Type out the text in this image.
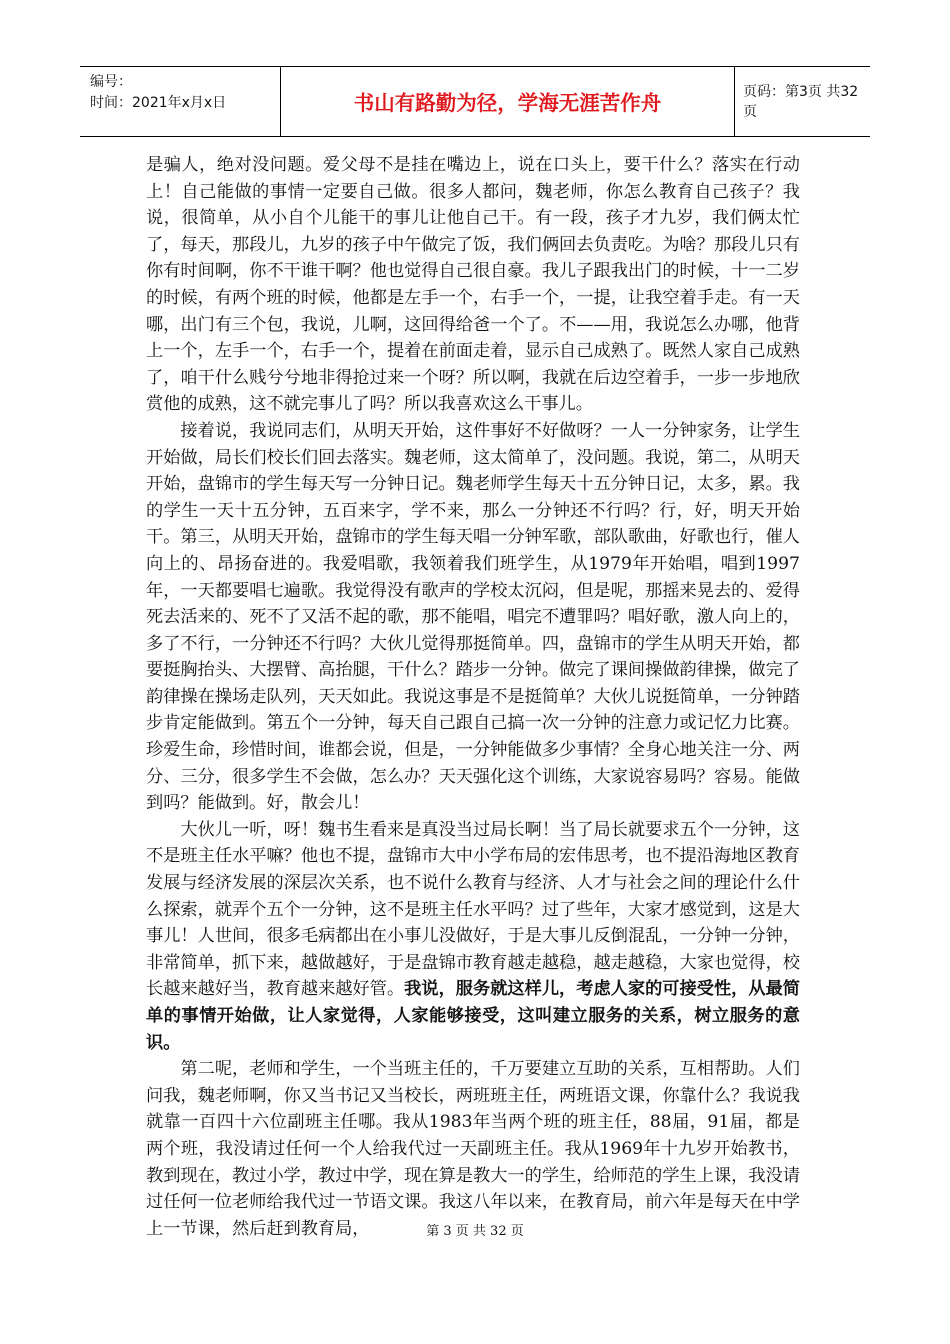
编号：
时间：2021年x月x日	书山有路勤为径，学海无涯苦作舟	页码：第3页 共32页

是骗人，绝对没问题。爱父母不是挂在嘴边上，说在口头上，要干什么？落实在行动上！自己能做的事情一定要自己做。很多人都问，魏老师，你怎么教育自己孩子？我说，很简单，从小自个儿能干的事儿让他自己干。有一段，孩子才九岁，我们俩太忙了，每天，那段儿，九岁的孩子中午做完了饭，我们俩回去负责吃。为啥？那段儿只有你有时间啊，你不干谁干啊？他也觉得自己很自豪。我儿子跟我出门的时候，十一二岁的时候，有两个班的时候，他都是左手一个，右手一个，一提，让我空着手走。有一天哪，出门有三个包，我说，儿啊，这回得给爸一个了。不——用，我说怎么办哪，他背上一个，左手一个，右手一个，提着在前面走着，显示自己成熟了。既然人家自己成熟了，咱干什么贱兮兮地非得抢过来一个呀？所以啊，我就在后边空着手，一步一步地欣赏他的成熟，这不就完事儿了吗？所以我喜欢这么干事儿。

接着说，我说同志们，从明天开始，这件事好不好做呀？一人一分钟家务，让学生开始做，局长们校长们回去落实。魏老师，这太简单了，没问题。我说，第二，从明天开始，盘锦市的学生每天写一分钟日记。魏老师学生每天十五分钟日记，太多，累。我的学生一天十五分钟，五百来字，学不来，那么一分钟还不行吗？行，好，明天开始干。第三，从明天开始，盘锦市的学生每天唱一分钟军歌，部队歌曲，好歌也行，催人向上的、昂扬奋进的。我爱唱歌，我领着我们班学生，从1979年开始唱，唱到1997年，一天都要唱七遍歌。我觉得没有歌声的学校太沉闷，但是呢，那摇来晃去的、爱得死去活来的、死不了又活不起的歌，那不能唱，唱完不遭罪吗？唱好歌，激人向上的，多了不行，一分钟还不行吗？大伙儿觉得那挺简单。四，盘锦市的学生从明天开始，都要挺胸抬头、大摆臂、高抬腿，干什么？踏步一分钟。做完了课间操做韵律操，做完了韵律操在操场走队列，天天如此。我说这事是不是挺简单？大伙儿说挺简单，一分钟踏步肯定能做到。第五个一分钟，每天自己跟自己搞一次一分钟的注意力或记忆力比赛。珍爱生命，珍惜时间，谁都会说，但是，一分钟能做多少事情？全身心地关注一分、两分、三分，很多学生不会做，怎么办？天天强化这个训练，大家说容易吗？容易。能做到吗？能做到。好，散会儿！

大伙儿一听，呀！魏书生看来是真没当过局长啊！当了局长就要求五个一分钟，这不是班主任水平嘛？他也不提，盘锦市大中小学布局的宏伟思考，也不提沿海地区教育发展与经济发展的深层次关系，也不说什么教育与经济、人才与社会之间的理论什么什么探索，就弄个五个一分钟，这不是班主任水平吗？过了些年，大家才感觉到，这是大事儿！人世间，很多毛病都出在小事儿没做好，于是大事儿反倒混乱，一分钟一分钟，非常简单，抓下来，越做越好，于是盘锦市教育越走越稳，越走越稳，大家也觉得，校长越来越好当，教育越来越好管。我说，服务就这样儿，考虑人家的可接受性，从最简单的事情开始做，让人家觉得，人家能够接受，这叫建立服务的关系，树立服务的意识。

第二呢，老师和学生，一个当班主任的，千万要建立互助的关系，互相帮助。人们问我，魏老师啊，你又当书记又当校长，两班班主任，两班语文课，你靠什么？我说我就靠一百四十六位副班主任哪。我从1983年当两个班的班主任，88届，91届，都是两个班，我没请过任何一个人给我代过一天副班主任。我从1969年十九岁开始教书，教到现在，教过小学，教过中学，现在算是教大一的学生，给师范的学生上课，我没请过任何一位老师给我代过一节语文课。我这八年以来，在教育局，前六年是每天在中学上一节课，然后赶到教育局，	第 3 页 共 32 页
